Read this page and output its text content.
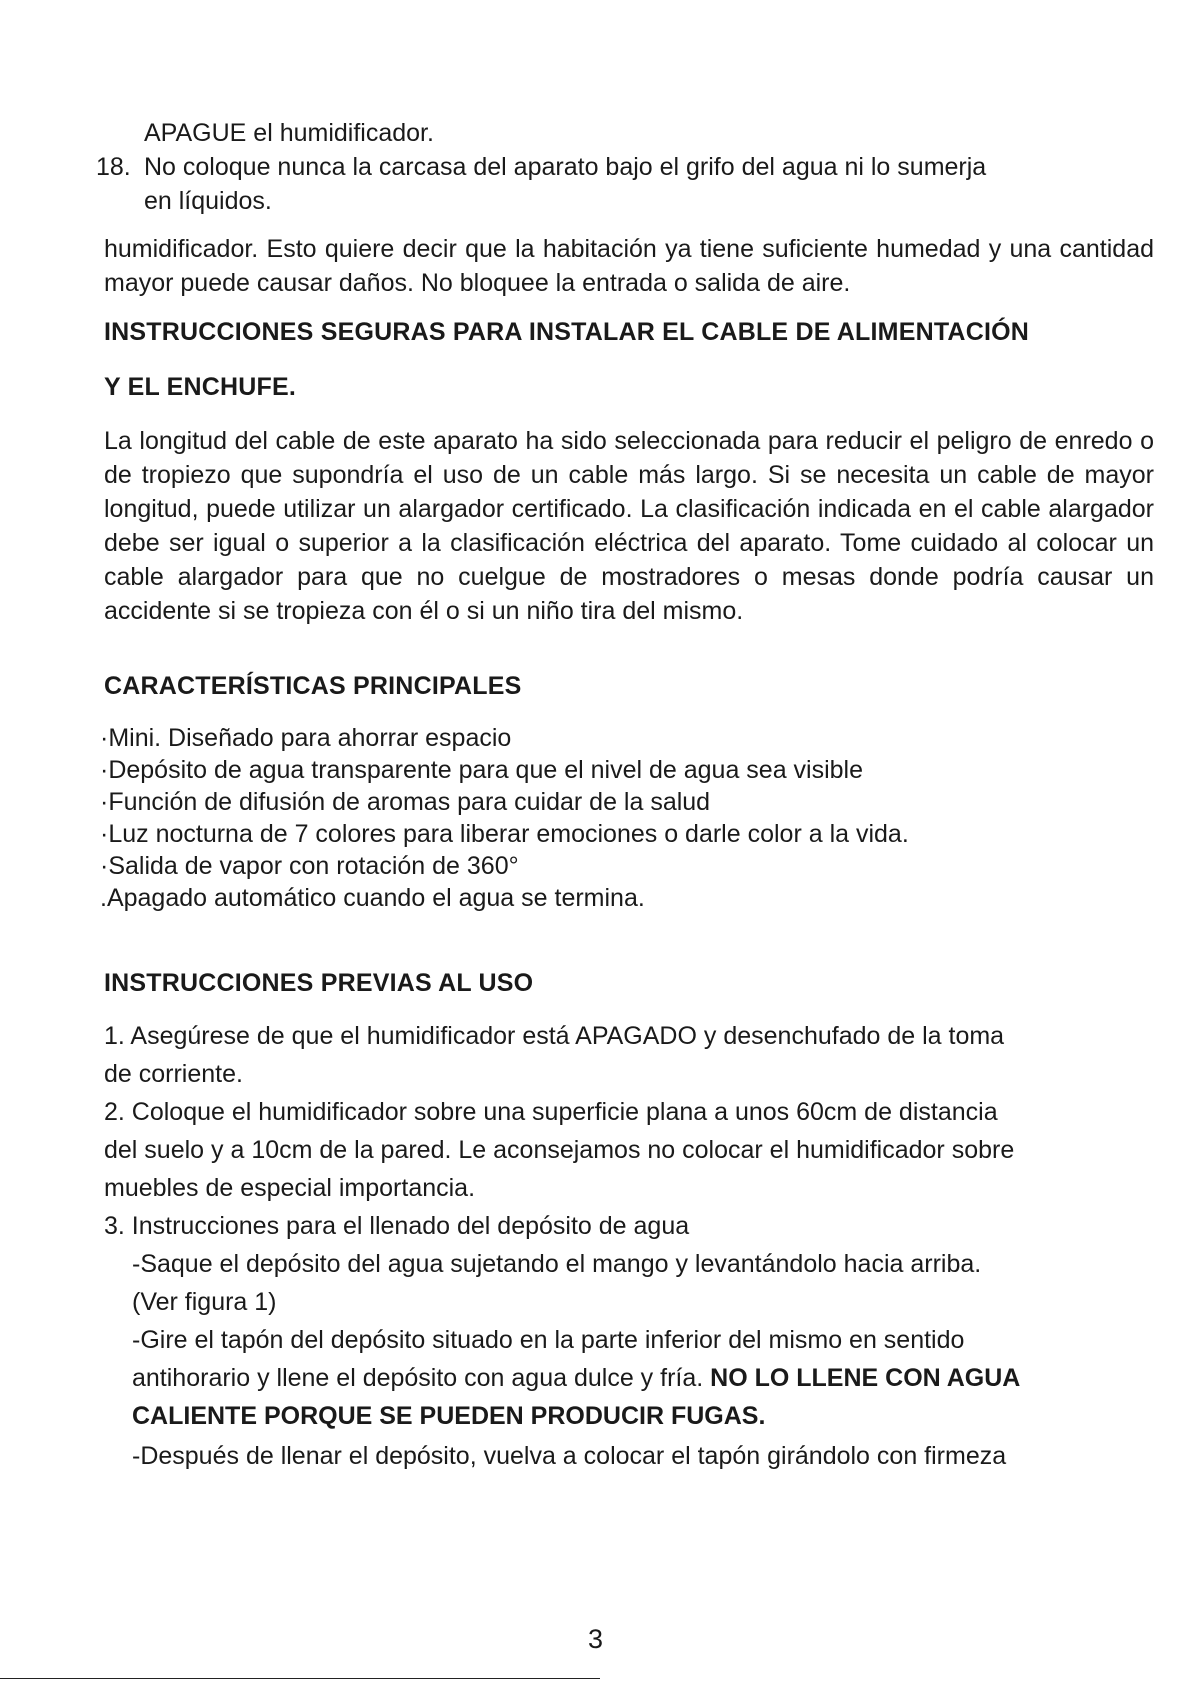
APAGUE el humidificador.

18. No coloque nunca la carcasa del aparato bajo el grifo del agua ni lo sumerja

en líquidos.

humidificador. Esto quiere decir que la habitación ya tiene suficiente humedad y una cantidad mayor puede causar daños. No bloquee la entrada o salida de aire.

INSTRUCCIONES SEGURAS PARA INSTALAR EL CABLE DE ALIMENTACIÓN

Y EL ENCHUFE.

La longitud del cable de este aparato ha sido seleccionada para reducir el peligro de enredo o de tropiezo que supondría el uso de un cable más largo. Si se necesita un cable de mayor longitud, puede utilizar un alargador certificado. La clasificación indicada en el cable alargador debe ser igual o superior a la clasificación eléctrica del aparato. Tome cuidado al colocar un cable alargador para que no cuelgue de mostradores o mesas donde podría causar un accidente si se tropieza con él o si un niño tira del mismo.

CARACTERÍSTICAS PRINCIPALES

·Mini. Diseñado para ahorrar espacio

·Depósito de agua transparente para que el nivel de agua sea visible

·Función de difusión de aromas para cuidar de la salud

·Luz nocturna de 7 colores para liberar emociones o darle color a la vida.

·Salida de vapor con rotación de 360°

.Apagado automático cuando el agua se termina.

INSTRUCCIONES PREVIAS AL USO

1. Asegúrese de que el humidificador está APAGADO y desenchufado de la toma

de corriente.

2. Coloque el humidificador sobre una superficie plana a unos 60cm de distancia

del suelo y a 10cm de la pared. Le aconsejamos no colocar el humidificador sobre

muebles de especial importancia.

3. Instrucciones para el llenado del depósito de agua

-Saque el depósito del agua sujetando el mango y levantándolo hacia arriba.

(Ver figura 1)

-Gire el tapón del depósito situado en la parte inferior del mismo en sentido

antihorario y llene el depósito con agua dulce y fría. NO LO LLENE CON AGUA

CALIENTE PORQUE SE PUEDEN PRODUCIR FUGAS.

-Después de llenar el depósito, vuelva a colocar el tapón girándolo con firmeza

3
